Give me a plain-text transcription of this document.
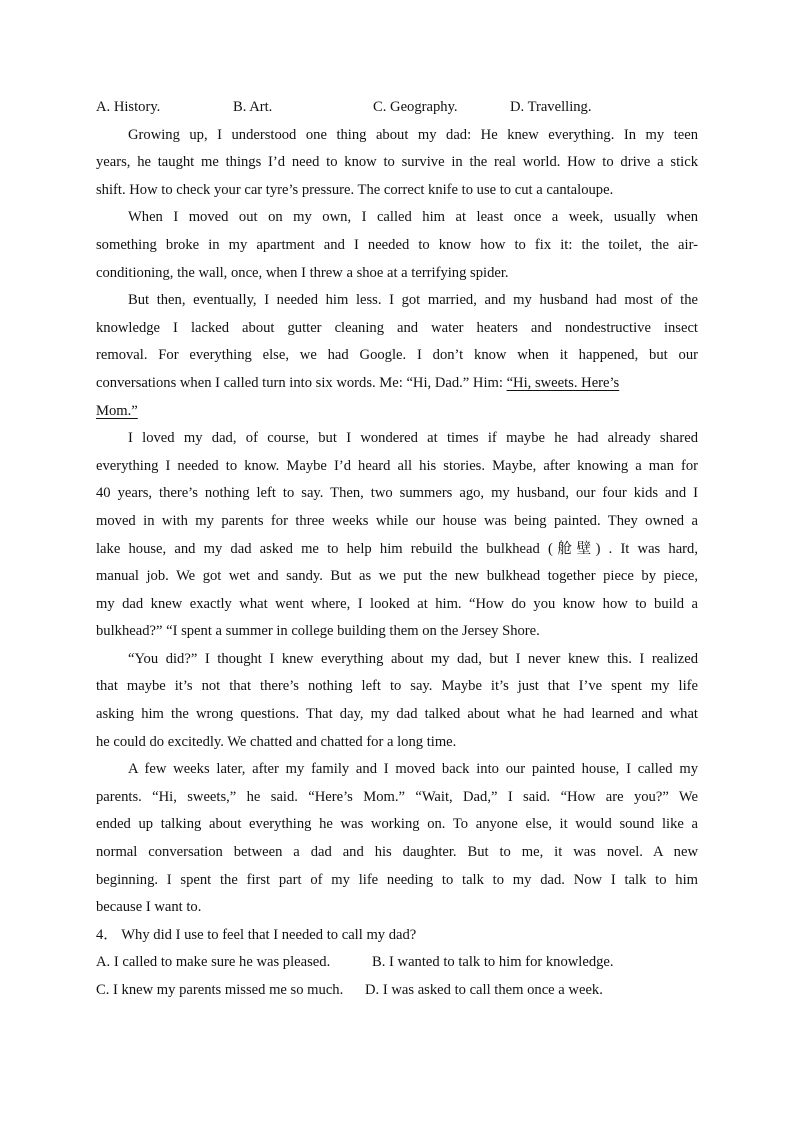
A. History.	B. Art.	C. Geography.	D. Travelling.
Growing up, I understood one thing about my dad: He knew everything. In my teen
years, he taught me things I’d need to know to survive in the real world. How to drive a stick
shift. How to check your car tyre’s pressure. The correct knife to use to cut a cantaloupe.
When I moved out on my own, I called him at least once a week, usually when
something broke in my apartment and I needed to know how to fix it: the toilet, the air-
conditioning, the wall, once, when I threw a shoe at a terrifying spider.
But then, eventually, I needed him less. I got married, and my husband had most of the
knowledge I lacked about gutter cleaning and water heaters and nondestructive insect
removal. For everything else, we had Google. I don’t know when it happened, but our
conversations when I called turn into six words. Me: “Hi, Dad.” Him: “Hi, sweets. Here’s
Mom.”
I loved my dad, of course, but I wondered at times if maybe he had already shared
everything I needed to know. Maybe I’d heard all his stories. Maybe, after knowing a man for
40 years, there’s nothing left to say. Then, two summers ago, my husband, our four kids and I
moved in with my parents for three weeks while our house was being painted. They owned a
lake house, and my dad asked me to help him rebuild the bulkhead (舱壁) . It was hard,
manual job. We got wet and sandy. But as we put the new bulkhead together piece by piece,
my dad knew exactly what went where, I looked at him. “How do you know how to build a
bulkhead?” “I spent a summer in college building them on the Jersey Shore.
“You did?” I thought I knew everything about my dad, but I never knew this. I realized
that maybe it’s not that there’s nothing left to say. Maybe it’s just that I’ve spent my life
asking him the wrong questions. That day, my dad talked about what he had learned and what
he could do excitedly. We chatted and chatted for a long time.
A few weeks later, after my family and I moved back into our painted house, I called my
parents. “Hi, sweets,” he said. “Here’s Mom.” “Wait, Dad,” I said. “How are you?” We
ended up talking about everything he was working on. To anyone else, it would sound like a
normal conversation between a dad and his daughter. But to me, it was novel. A new
beginning. I spent the first part of my life needing to talk to my dad. Now I talk to him
because I want to.
4． Why did I use to feel that I needed to call my dad?
A. I called to make sure he was pleased.	B. I wanted to talk to him for knowledge.
C. I knew my parents missed me so much. D. I was asked to call them once a week.
